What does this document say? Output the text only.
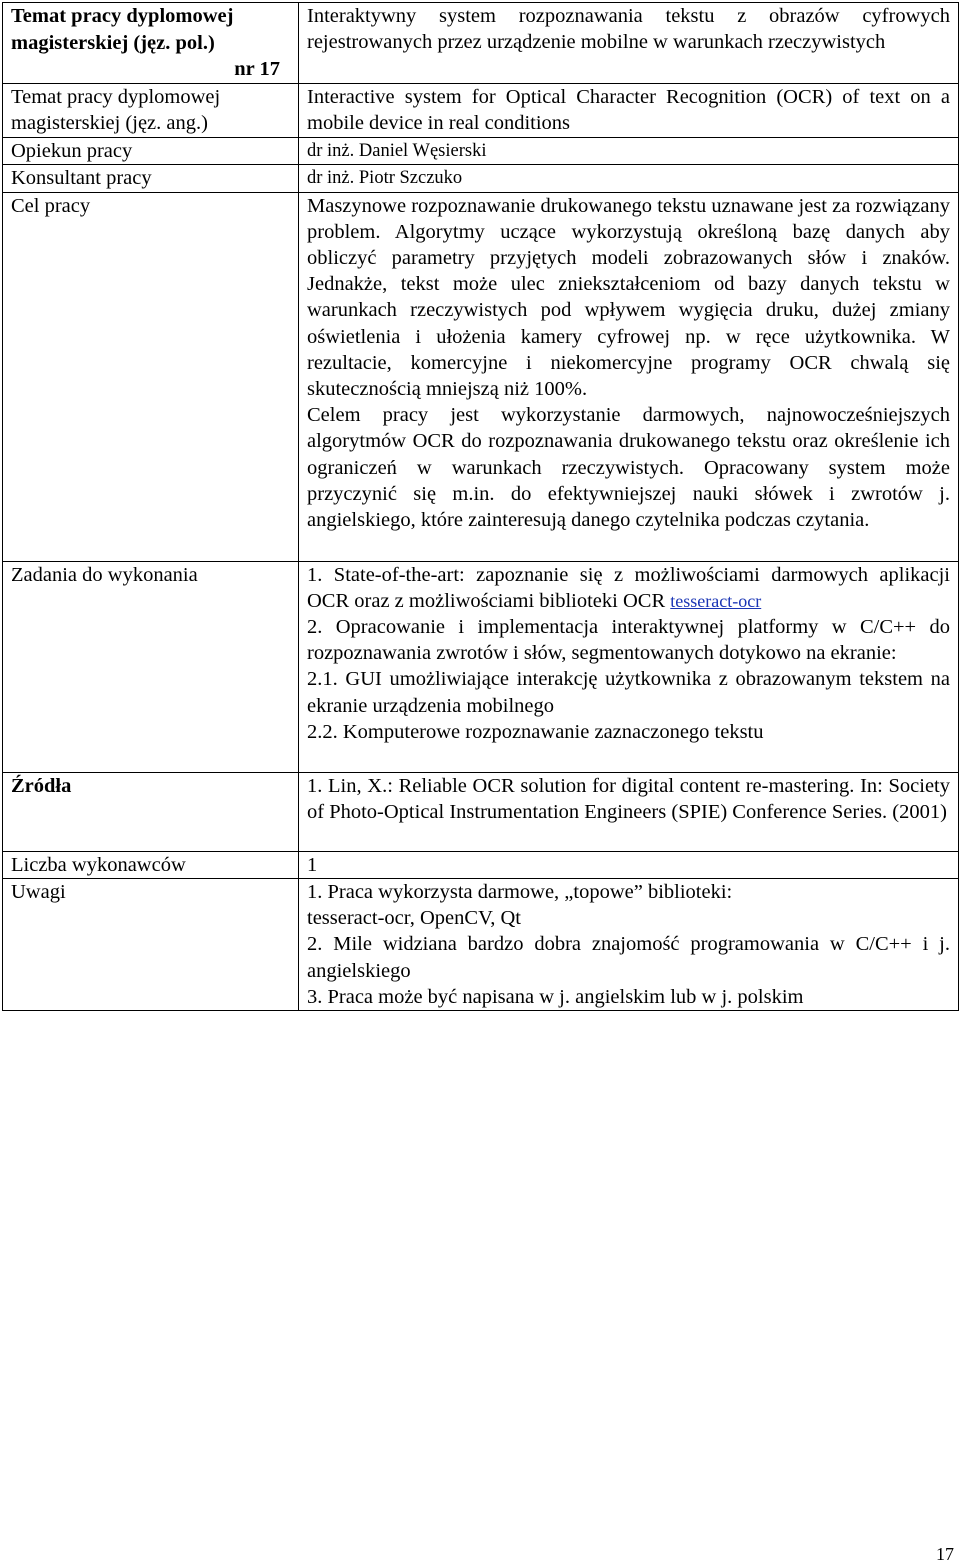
Temat pracy dyplomowej magisterskiej (jęz. pol.)
nr 17	Interaktywny system rozpoznawania tekstu z obrazów cyfrowych rejestrowanych przez urządzenie mobilne w warunkach rzeczywistych
Temat pracy dyplomowej magisterskiej (jęz. ang.)	Interactive system for Optical Character Recognition (OCR) of text on a mobile device in real conditions
Opiekun pracy	dr inż. Daniel Węsierski
Konsultant pracy	dr inż. Piotr Szczuko
Cel pracy	Maszynowe rozpoznawanie drukowanego tekstu uznawane jest za rozwiązany problem. Algorytmy uczące wykorzystują określoną bazę danych aby obliczyć parametry przyjętych modeli zobrazowanych słów i znaków. Jednakże, tekst może ulec zniekształceniom od bazy danych tekstu w warunkach rzeczywistych pod wpływem wygięcia druku, dużej zmiany oświetlenia i ułożenia kamery cyfrowej np. w ręce użytkownika. W rezultacie, komercyjne i niekomercyjne programy OCR chwalą się skutecznością mniejszą niż 100%.

Celem pracy jest wykorzystanie darmowych, najnowocześniejszych algorytmów OCR do rozpoznawania drukowanego tekstu oraz określenie ich ograniczeń w warunkach rzeczywistych. Opracowany system może przyczynić się m.in. do efektywniejszej nauki słówek i zwrotów j. angielskiego, które zainteresują danego czytelnika podczas czytania.

Zadania do wykonania	1. State-of-the-art: zapoznanie się z możliwościami darmowych aplikacji OCR oraz z możliwościami biblioteki OCR tesseract-ocr

2. Opracowanie i implementacja interaktywnej platformy w C/C++ do rozpoznawania zwrotów i słów, segmentowanych dotykowo na ekranie:

2.1. GUI umożliwiające interakcję użytkownika z obrazowanym tekstem na ekranie urządzenia mobilnego

2.2. Komputerowe rozpoznawanie zaznaczonego tekstu

Źródła	1. Lin, X.: Reliable OCR solution for digital content re-mastering. In: Society of Photo-Optical Instrumentation Engineers (SPIE) Conference Series. (2001)
Liczba wykonawców	1
Uwagi	1. Praca wykorzysta darmowe, „topowe” biblioteki:
tesseract-ocr, OpenCV, Qt

2. Mile widziana bardzo dobra znajomość programowania w C/C++ i j. angielskiego

3. Praca może być napisana w j. angielskim lub w j. polskim
17
